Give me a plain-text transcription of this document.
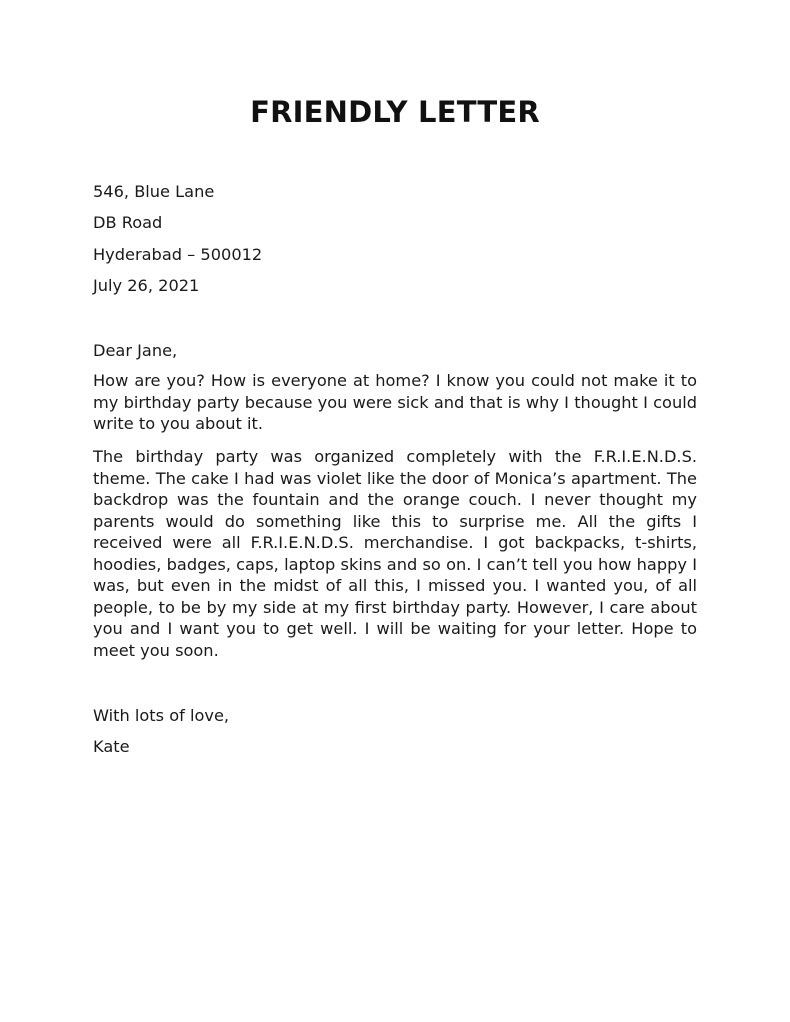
FRIENDLY LETTER

546, Blue Lane

DB Road

Hyderabad – 500012

July 26, 2021

Dear Jane,

How are you? How is everyone at home? I know you could not make it to my birthday party because you were sick and that is why I thought I could write to you about it.

The birthday party was organized completely with the F.R.I.E.N.D.S. theme. The cake I had was violet like the door of Monica’s apartment. The backdrop was the fountain and the orange couch. I never thought my parents would do something like this to surprise me. All the gifts I received were all F.R.I.E.N.D.S. merchandise. I got backpacks, t-shirts, hoodies, badges, caps, laptop skins and so on. I can’t tell you how happy I was, but even in the midst of all this, I missed you. I wanted you, of all people, to be by my side at my first birthday party. However, I care about you and I want you to get well. I will be waiting for your letter. Hope to meet you soon.

With lots of love,

Kate
